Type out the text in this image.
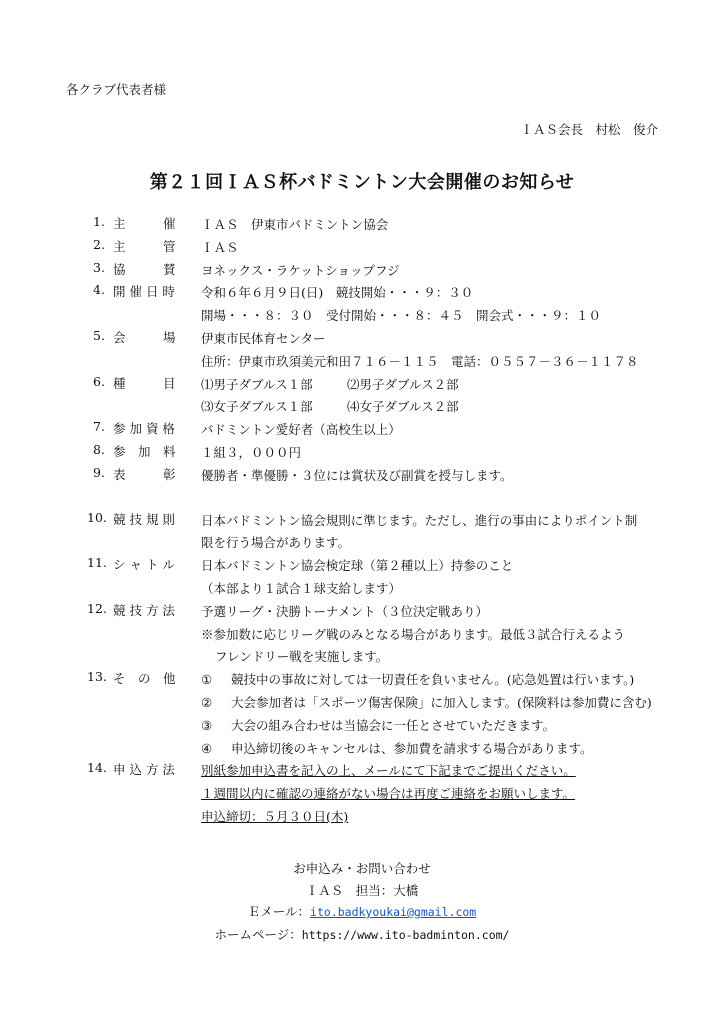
各クラブ代表者様
ＩＡＳ会長　村松　俊介
第２１回ＩＡＳ杯バドミントン大会開催のお知らせ
1. 主　　　催	ＩＡＳ　伊東市バドミントン協会
2. 主　　　管	ＩＡＳ
3. 協　　　賛	ヨネックス・ラケットショップフジ
4. 開 催 日 時	令和６年６月９日(日)　競技開始・・・９：３０
開場・・・８：３０　受付開始・・・８：４５　開会式・・・９：１０
5. 会　　　場	伊東市民体育センター
住所：伊東市玖須美元和田７１６－１１５　電話：０５５７－３６－１１７８
6. 種　　　目	⑴男子ダブルス１部	⑵男子ダブルス２部
⑶女子ダブルス１部	⑷女子ダブルス２部
7. 参 加 資 格	バドミントン愛好者（高校生以上）
8. 参　加　料	１組３，０００円
9. 表　　　彰	優勝者・準優勝・３位には賞状及び副賞を授与します。
10. 競 技 規 則	日本バドミントン協会規則に準じます。ただし、進行の事由によりポイント制
限を行う場合があります。
11. シ ャ ト ル	日本バドミントン協会検定球（第２種以上）持参のこと
（本部より１試合１球支給します）
12. 競 技 方 法	予選リーグ・決勝トーナメント（３位決定戦あり）
※参加数に応じリーグ戦のみとなる場合があります。最低３試合行えるよう
フレンドリー戦を実施します。
13. そ　の　他	① 競技中の事故に対しては一切責任を負いません。(応急処置は行います。)
② 大会参加者は「スポーツ傷害保険」に加入します。(保険料は参加費に含む)
③ 大会の組み合わせは当協会に一任とさせていただきます。
④ 申込締切後のキャンセルは、参加費を請求する場合があります。
14. 申 込 方 法	別紙参加申込書を記入の上、メールにて下記までご提出ください。
１週間以内に確認の連絡がない場合は再度ご連絡をお願いします。
申込締切：５月３０日(木)
お申込み・お問い合わせ
ＩＡＳ　担当：大橋
Ｅメール：ito.badkyoukai@gmail.com
ホームページ：https://www.ito-badminton.com/
